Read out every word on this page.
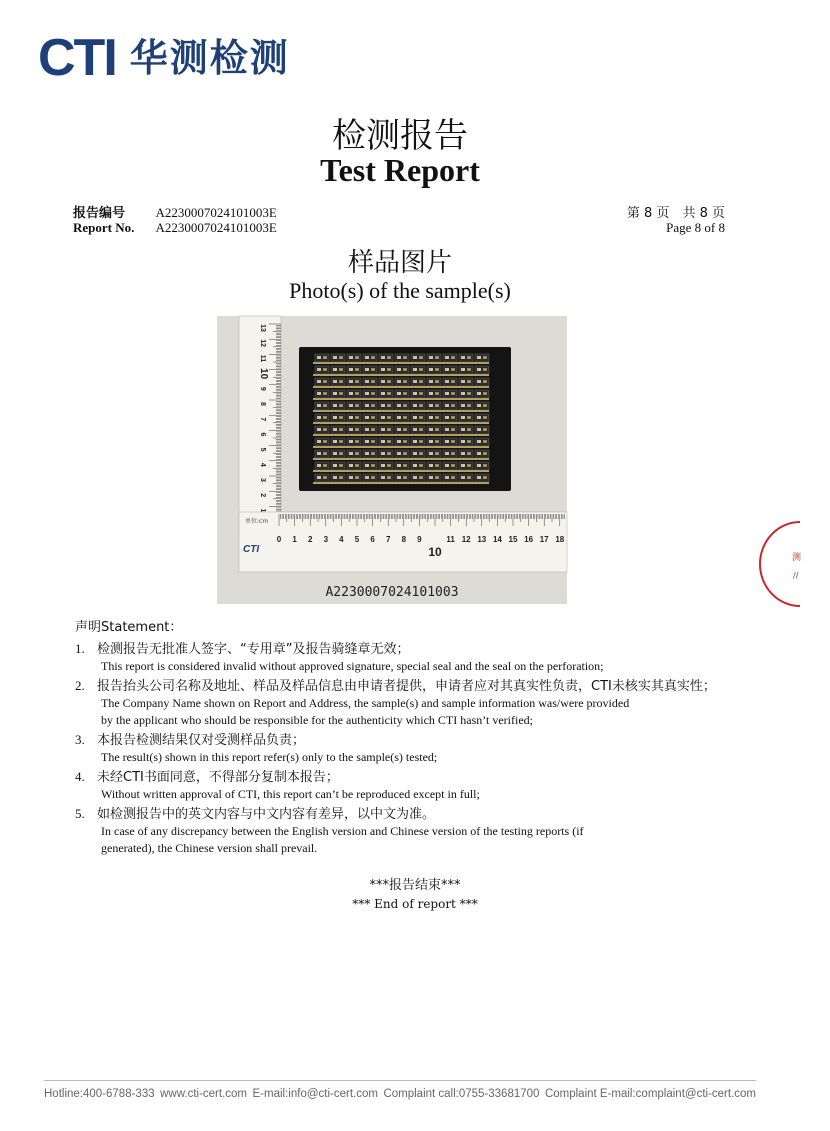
CTI 华测检测
检测报告
Test Report
报告编号 A2230007024101003E
Report No. A2230007024101003E
第 8 页　共 8 页
Page 8 of 8
样品图片
Photo(s) of the sample(s)
13
12
11
10
9
8
7
6
5
4
3
2
1
0 1 2 3 4 5 6 7 8 9
10
11 12 13 14 15 16 17 18
单位:cm
CTI
A2230007024101003
声明Statement：
1. 检测报告无批准人签字、“专用章”及报告骑缝章无效；
This report is considered invalid without approved signature, special seal and the seal on the perforation;
2. 报告抬头公司名称及地址、样品及样品信息由申请者提供，申请者应对其真实性负责，CTI未核实其真实性；
The Company Name shown on Report and Address, the sample(s) and sample information was/were provided
by the applicant who should be responsible for the authenticity which CTI hasn’t verified;
3. 本报告检测结果仅对受测样品负责；
The result(s) shown in this report refer(s) only to the sample(s) tested;
4. 未经CTI书面同意，不得部分复制本报告；
Without written approval of CTI, this report can’t be reproduced except in full;
5. 如检测报告中的英文内容与中文内容有差异，以中文为准。
In case of any discrepancy between the English version and Chinese version of the testing reports (if
generated), the Chinese version shall prevail.
***报告结束***
*** End of report ***
测
//
Hotline:400-6788-333 www.cti-cert.com E-mail:info@cti-cert.com Complaint call:0755-33681700 Complaint E-mail:complaint@cti-cert.com
